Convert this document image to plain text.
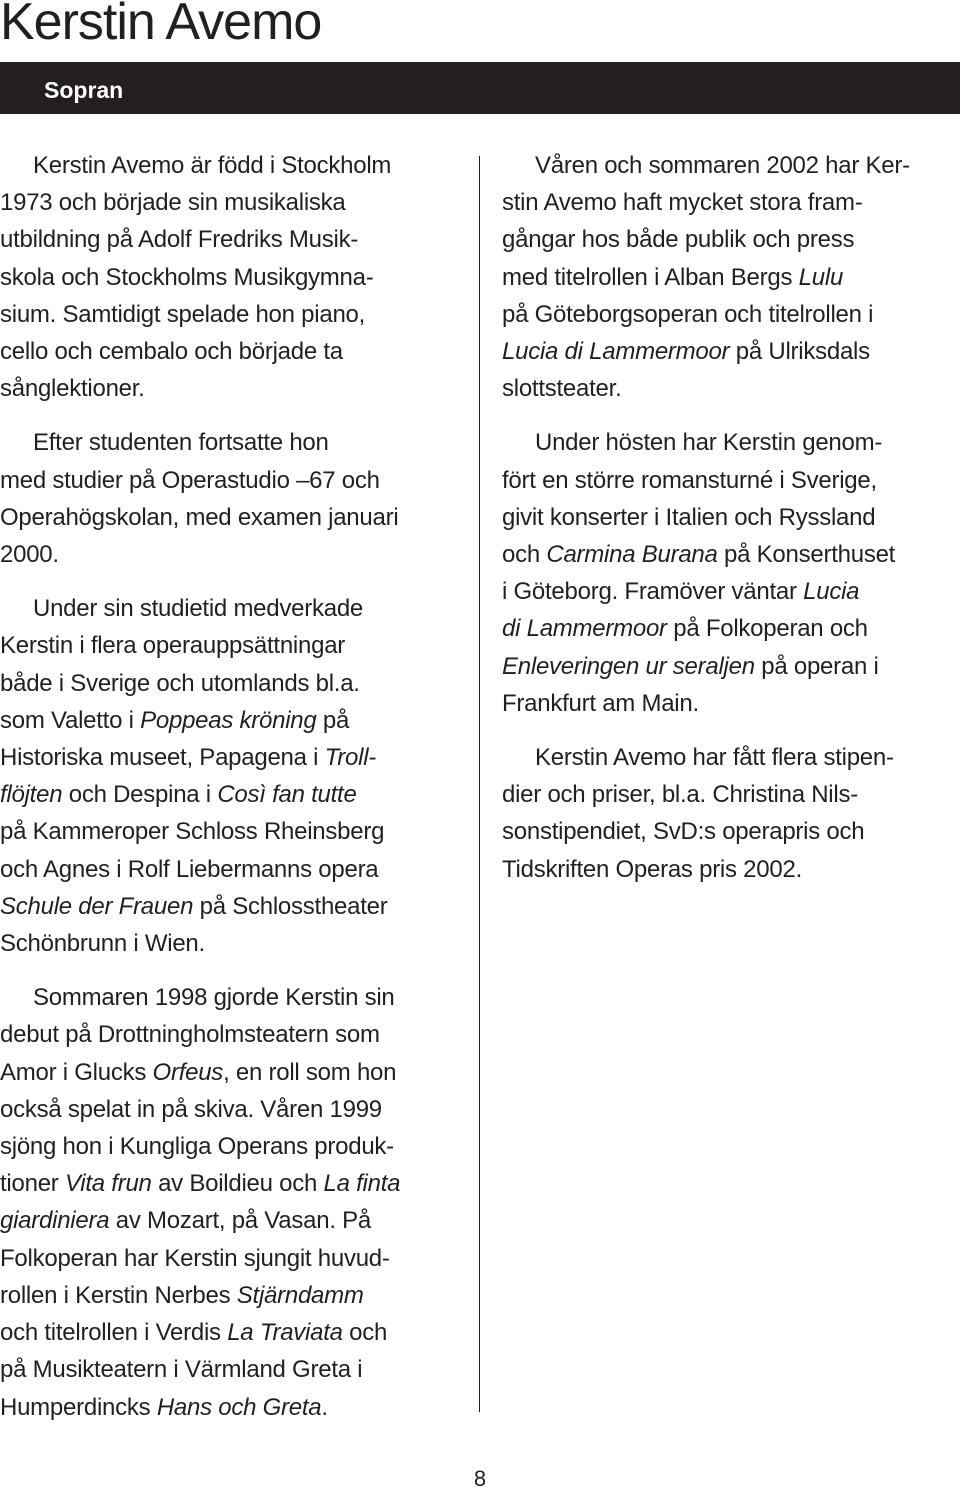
Kerstin Avemo
Sopran

Kerstin Avemo är född i Stockholm
1973 och började sin musikaliska
utbildning på Adolf Fredriks Musik-
skola och Stockholms Musikgymna-
sium. Samtidigt spelade hon piano,
cello och cembalo och började ta
sånglektioner.

Efter studenten fortsatte hon
med studier på Operastudio –67 och
Operahögskolan, med examen januari
2000.

Under sin studietid medverkade
Kerstin i flera operauppsättningar
både i Sverige och utomlands bl.a.
som Valetto i Poppeas kröning på
Historiska museet, Papagena i Troll-
flöjten och Despina i Così fan tutte
på Kammeroper Schloss Rheinsberg
och Agnes i Rolf Liebermanns opera
Schule der Frauen på Schlosstheater
Schönbrunn i Wien.

Sommaren 1998 gjorde Kerstin sin
debut på Drottningholmsteatern som
Amor i Glucks Orfeus, en roll som hon
också spelat in på skiva. Våren 1999
sjöng hon i Kungliga Operans produk-
tioner Vita frun av Boildieu och La finta
giardiniera av Mozart, på Vasan. På
Folkoperan har Kerstin sjungit huvud-
rollen i Kerstin Nerbes Stjärndamm
och titelrollen i Verdis La Traviata och
på Musikteatern i Värmland Greta i
Humperdincks Hans och Greta.

Våren och sommaren 2002 har Ker-
stin Avemo haft mycket stora fram-
gångar hos både publik och press
med titelrollen i Alban Bergs Lulu
på Göteborgsoperan och titelrollen i
Lucia di Lammermoor på Ulriksdals
slottsteater.

Under hösten har Kerstin genom-
fört en större romansturné i Sverige,
givit konserter i Italien och Ryssland
och Carmina Burana på Konserthuset
i Göteborg. Framöver väntar Lucia
di Lammermoor på Folkoperan och
Enleveringen ur seraljen på operan i
Frankfurt am Main.

Kerstin Avemo har fått flera stipen-
dier och priser, bl.a. Christina Nils-
sonstipendiet, SvD:s operapris och
Tidskriften Operas pris 2002.

8
